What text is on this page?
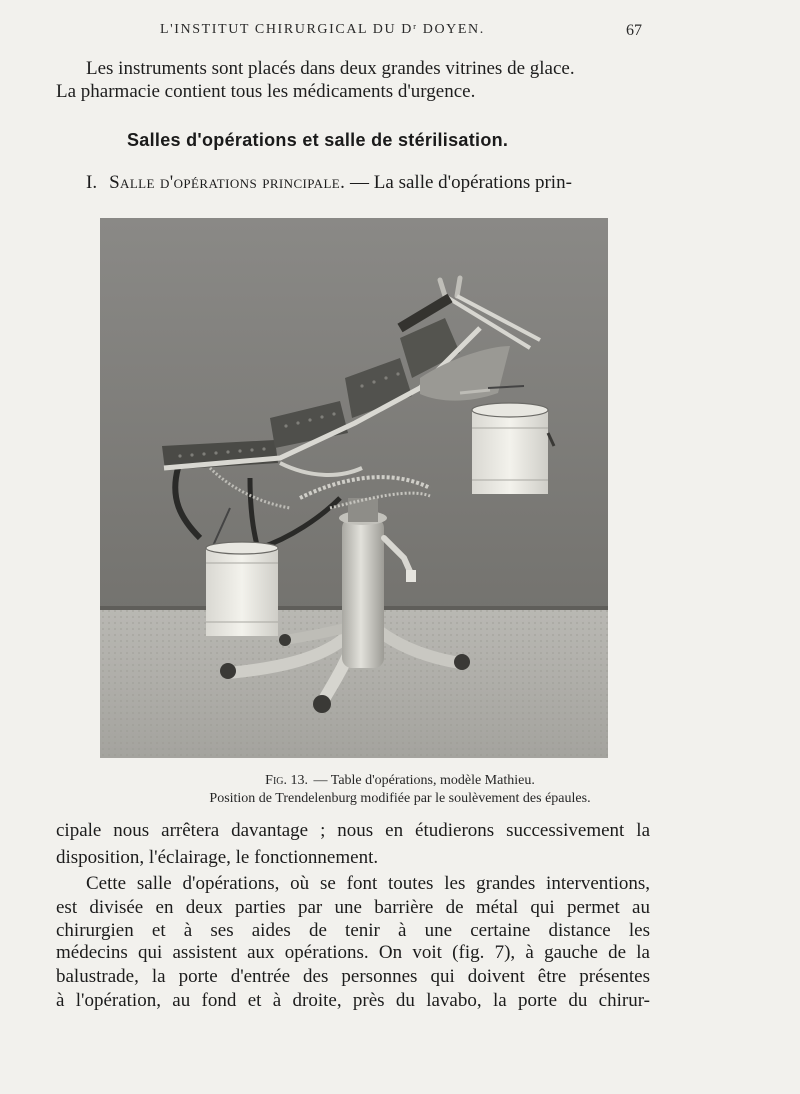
L'INSTITUT CHIRURGICAL DU Dʳ DOYEN.	67
Les instruments sont placés dans deux grandes vitrines de glace.
La pharmacie contient tous les médicaments d'urgence.
Salles d'opérations et salle de stérilisation.
I. Salle d'opérations principale. — La salle d'opérations prin-
Fig. 13. — Table d'opérations, modèle Mathieu.
Position de Trendelenburg modifiée par le soulèvement des épaules.
cipale nous arrêtera davantage ; nous en étudierons successivement la
disposition, l'éclairage, le fonctionnement.
Cette salle d'opérations, où se font toutes les grandes interventions,
est divisée en deux parties par une barrière de métal qui permet au
chirurgien et à ses aides de tenir à une certaine distance les
médecins qui assistent aux opérations. On voit (fig. 7), à gauche de la
balustrade, la porte d'entrée des personnes qui doivent être présentes
à l'opération, au fond et à droite, près du lavabo, la porte du chirur-
